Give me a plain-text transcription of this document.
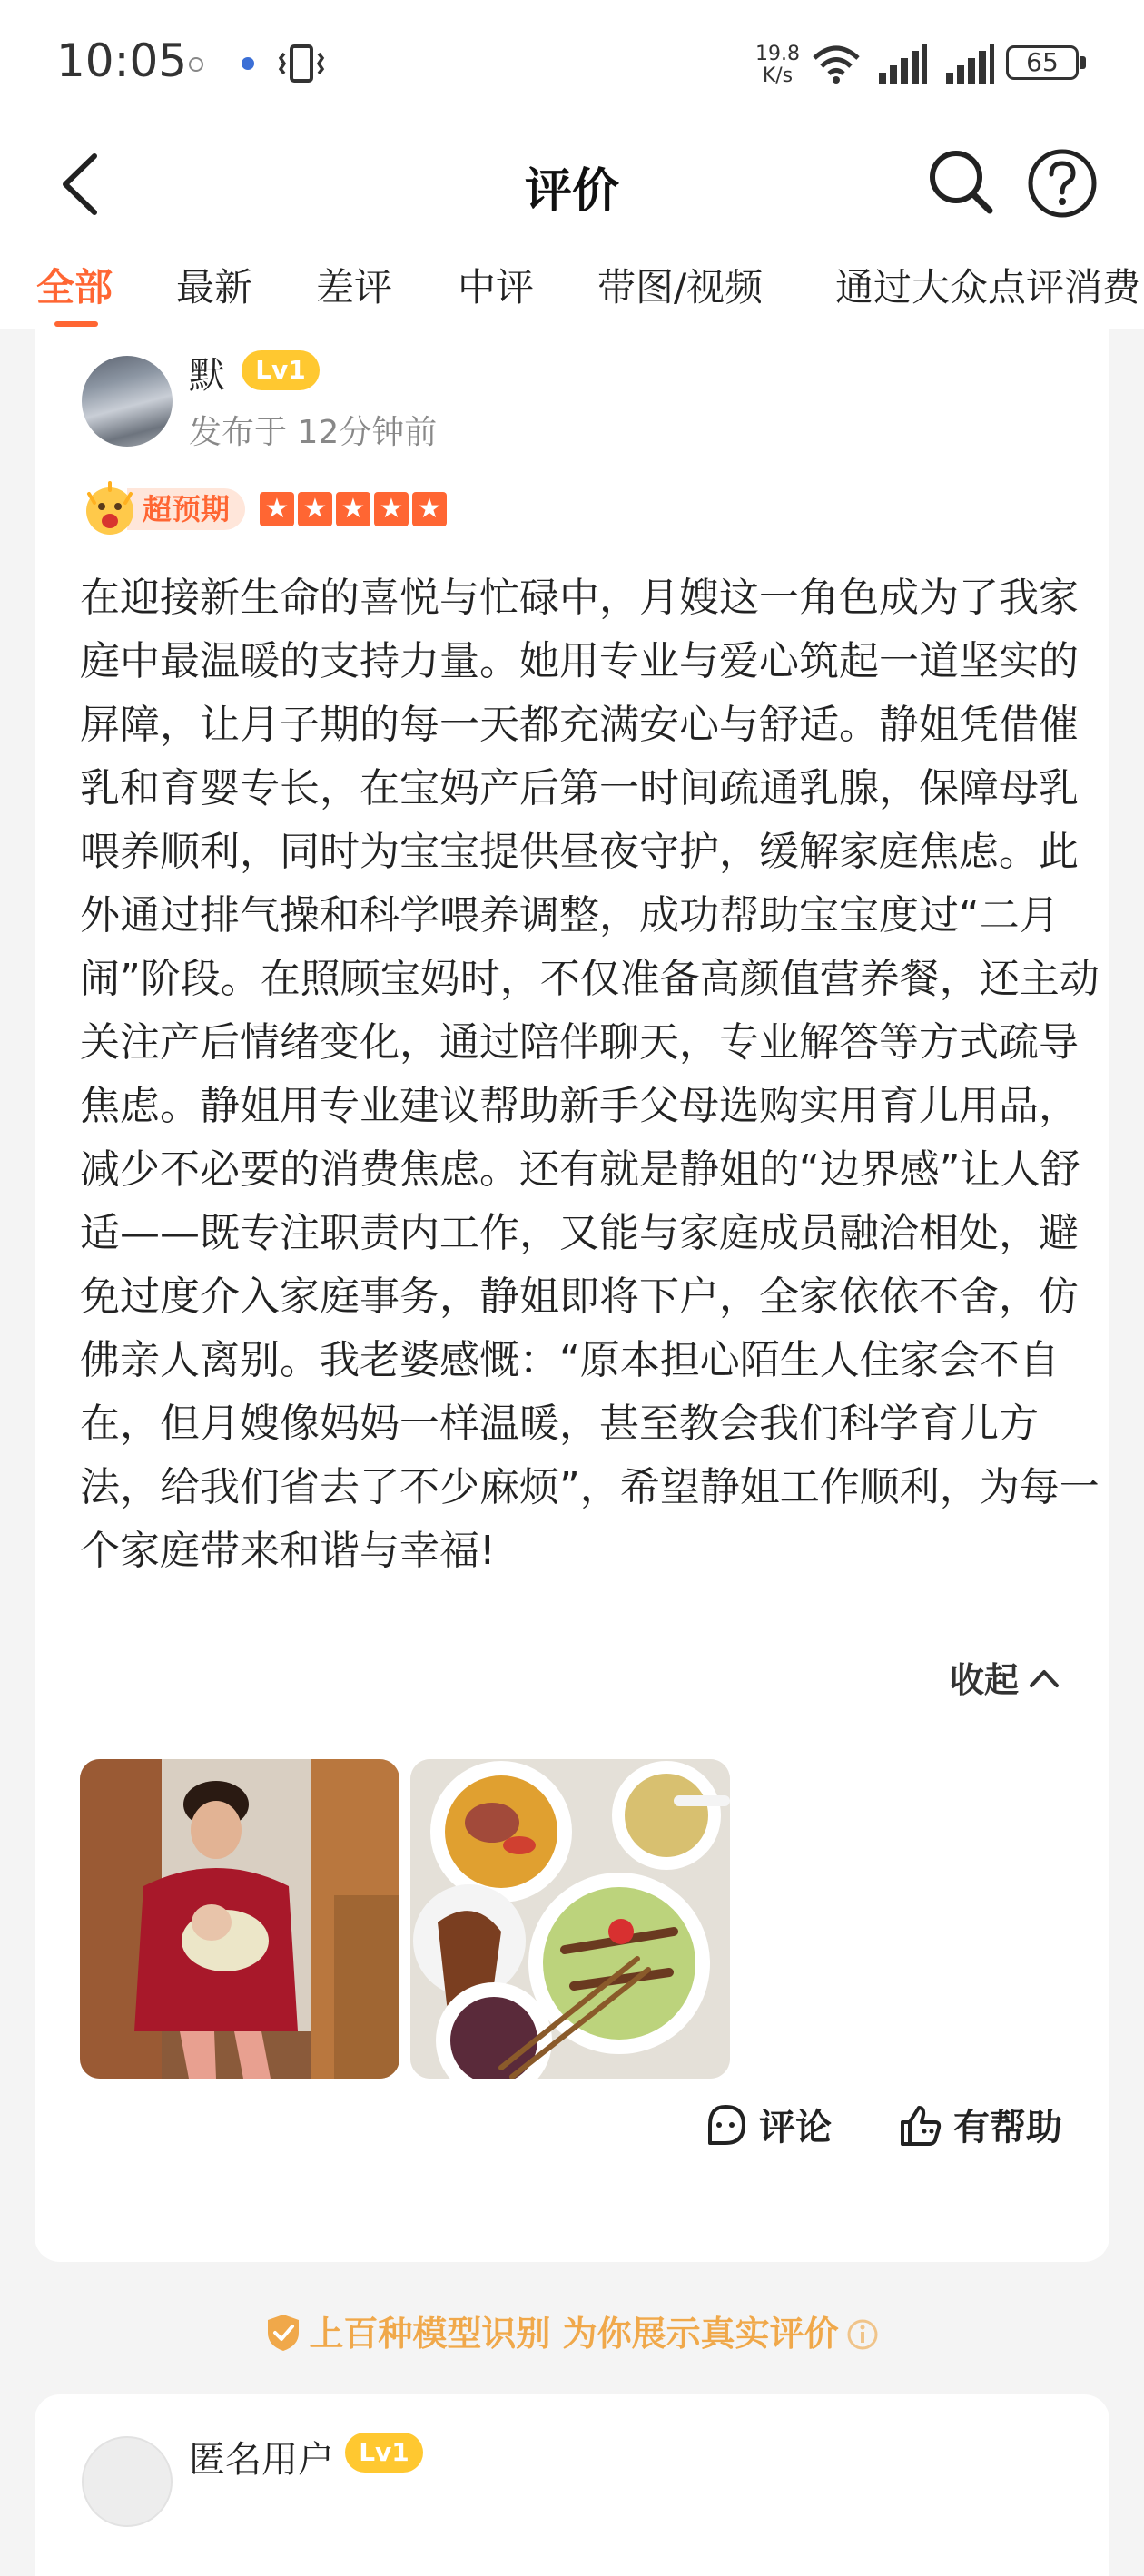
10:05	19.8
K/s	65
评价
全部 最新 差评 中评 带图/视频 通过大众点评消费
默	Lv1
发布于 12分钟前
超预期	★ ★ ★ ★ ★
在迎接新生命的喜悦与忙碌中，月嫂这一角色成为了我家庭中最温暖的支持力量。她用专业与爱心筑起一道坚实的屏障，让月子期的每一天都充满安心与舒适。静姐凭借催乳和育婴专长，在宝妈产后第一时间疏通乳腺，保障母乳喂养顺利，同时为宝宝提供昼夜守护，缓解家庭焦虑。此外通过排气操和科学喂养调整，成功帮助宝宝度过“二月闹”阶段。在照顾宝妈时，不仅准备高颜值营养餐，还主动关注产后情绪变化，通过陪伴聊天，专业解答等方式疏导焦虑。静姐用专业建议帮助新手父母选购实用育儿用品，减少不必要的消费焦虑。还有就是静姐的“边界感”让人舒适——既专注职责内工作，又能与家庭成员融洽相处，避免过度介入家庭事务，静姐即将下户，全家依依不舍，仿佛亲人离别。我老婆感慨：“原本担心陌生人住家会不自在，但月嫂像妈妈一样温暖，甚至教会我们科学育儿方法，给我们省去了不少麻烦”，希望静姐工作顺利，为每一个家庭带来和谐与幸福!
收起
评论	有帮助
上百种模型识别 为你展示真实评价
匿名用户 Lv1
